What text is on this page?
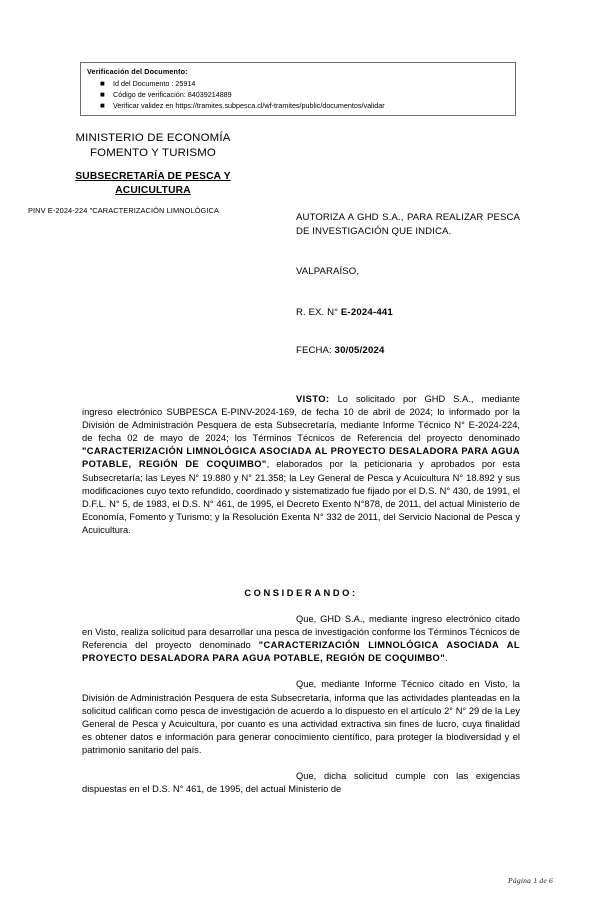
Verificación del Documento:
■ Id del Documento : 25914
■ Código de verificación: 84039214889
■ Verificar validez en https://tramites.subpesca.cl/wf-tramites/public/documentos/validar
MINISTERIO DE ECONOMÍA
FOMENTO Y TURISMO
SUBSECRETARÍA DE PESCA Y
ACUICULTURA
PINV E-2024-224 "CARACTERIZACIÓN LIMNOLÓGICA
AUTORIZA A GHD S.A., PARA REALIZAR PESCA DE INVESTIGACIÓN QUE INDICA.
VALPARAÍSO,
R. EX. N° E-2024-441
FECHA: 30/05/2024

VISTO: Lo solicitado por GHD S.A., mediante ingreso electrónico SUBPESCA E-PINV-2024-169, de fecha 10 de abril de 2024; lo informado por la División de Administración Pesquera de esta Subsecretaría, mediante Informe Técnico N° E-2024-224, de fecha 02 de mayo de 2024; los Términos Técnicos de Referencia del proyecto denominado "CARACTERIZACIÓN LIMNOLÓGICA ASOCIADA AL PROYECTO DESALADORA PARA AGUA POTABLE, REGIÓN DE COQUIMBO", elaborados por la peticionaria y aprobados por esta Subsecretaría; las Leyes N° 19.880 y N° 21.358; la Ley General de Pesca y Acuicultura N° 18.892 y sus modificaciones cuyo texto refundido, coordinado y sistematizado fue fijado por el D.S. N° 430, de 1991, el D.F.L. N° 5, de 1983, el D.S. N° 461, de 1995, el Decreto Exento N°878, de 2011, del actual Ministerio de Economía, Fomento y Turismo; y la Resolución Exenta N° 332 de 2011, del Servicio Nacional de Pesca y Acuicultura.

CONSIDERANDO:

Que, GHD S.A., mediante ingreso electrónico citado en Visto, realiza solicitud para desarrollar una pesca de investigación conforme los Términos Técnicos de Referencia del proyecto denominado "CARACTERIZACIÓN LIMNOLÓGICA ASOCIADA AL PROYECTO DESALADORA PARA AGUA POTABLE, REGIÓN DE COQUIMBO".

Que, mediante Informe Técnico citado en Visto, la División de Administración Pesquera de esta Subsecretaría, informa que las actividades planteadas en la solicitud califican como pesca de investigación de acuerdo a lo dispuesto en el artículo 2° N° 29 de la Ley General de Pesca y Acuicultura, por cuanto es una actividad extractiva sin fines de lucro, cuya finalidad es obtener datos e información para generar conocimiento científico, para proteger la biodiversidad y el patrimonio sanitario del país.

Que, dicha solicitud cumple con las exigencias dispuestas en el D.S. N° 461, de 1995, del actual Ministerio de

Página 1 de 6
